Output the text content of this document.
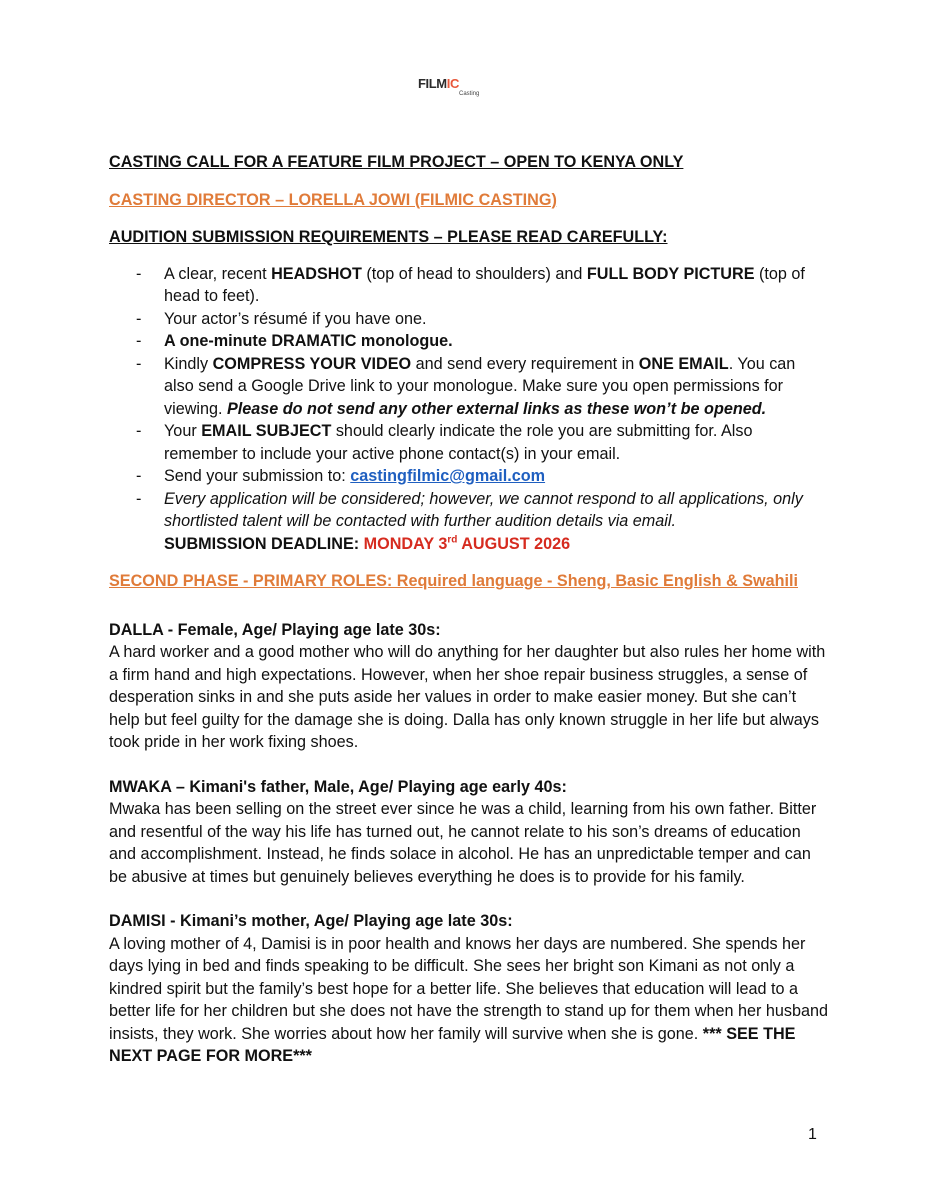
FILMIC
Casting

CASTING CALL FOR A FEATURE FILM PROJECT – OPEN TO KENYA ONLY

CASTING DIRECTOR – LORELLA JOWI (FILMIC CASTING)

AUDITION SUBMISSION REQUIREMENTS – PLEASE READ CAREFULLY:

- A clear, recent HEADSHOT (top of head to shoulders) and FULL BODY PICTURE (top of head to feet).
- Your actor’s résumé if you have one.
- A one-minute DRAMATIC monologue.
- Kindly COMPRESS YOUR VIDEO and send every requirement in ONE EMAIL. You can also send a Google Drive link to your monologue. Make sure you open permissions for viewing. Please do not send any other external links as these won’t be opened.
- Your EMAIL SUBJECT should clearly indicate the role you are submitting for. Also remember to include your active phone contact(s) in your email.
- Send your submission to: castingfilmic@gmail.com
- Every application will be considered; however, we cannot respond to all applications, only shortlisted talent will be contacted with further audition details via email.
SUBMISSION DEADLINE: MONDAY 3rd AUGUST 2026

SECOND PHASE - PRIMARY ROLES: Required language - Sheng, Basic English & Swahili

DALLA - Female, Age/ Playing age late 30s:

A hard worker and a good mother who will do anything for her daughter but also rules her home with a firm hand and high expectations. However, when her shoe repair business struggles, a sense of desperation sinks in and she puts aside her values in order to make easier money. But she can’t help but feel guilty for the damage she is doing. Dalla has only known struggle in her life but always took pride in her work fixing shoes.

MWAKA – Kimani's father, Male, Age/ Playing age early 40s:

Mwaka has been selling on the street ever since he was a child, learning from his own father. Bitter and resentful of the way his life has turned out, he cannot relate to his son’s dreams of education and accomplishment. Instead, he finds solace in alcohol. He has an unpredictable temper and can be abusive at times but genuinely believes everything he does is to provide for his family.

DAMISI - Kimani’s mother, Age/ Playing age late 30s:

A loving mother of 4, Damisi is in poor health and knows her days are numbered. She spends her days lying in bed and finds speaking to be difficult. She sees her bright son Kimani as not only a kindred spirit but the family’s best hope for a better life. She believes that education will lead to a better life for her children but she does not have the strength to stand up for them when her husband insists, they work. She worries about how her family will survive when she is gone. *** SEE THE NEXT PAGE FOR MORE***

1
